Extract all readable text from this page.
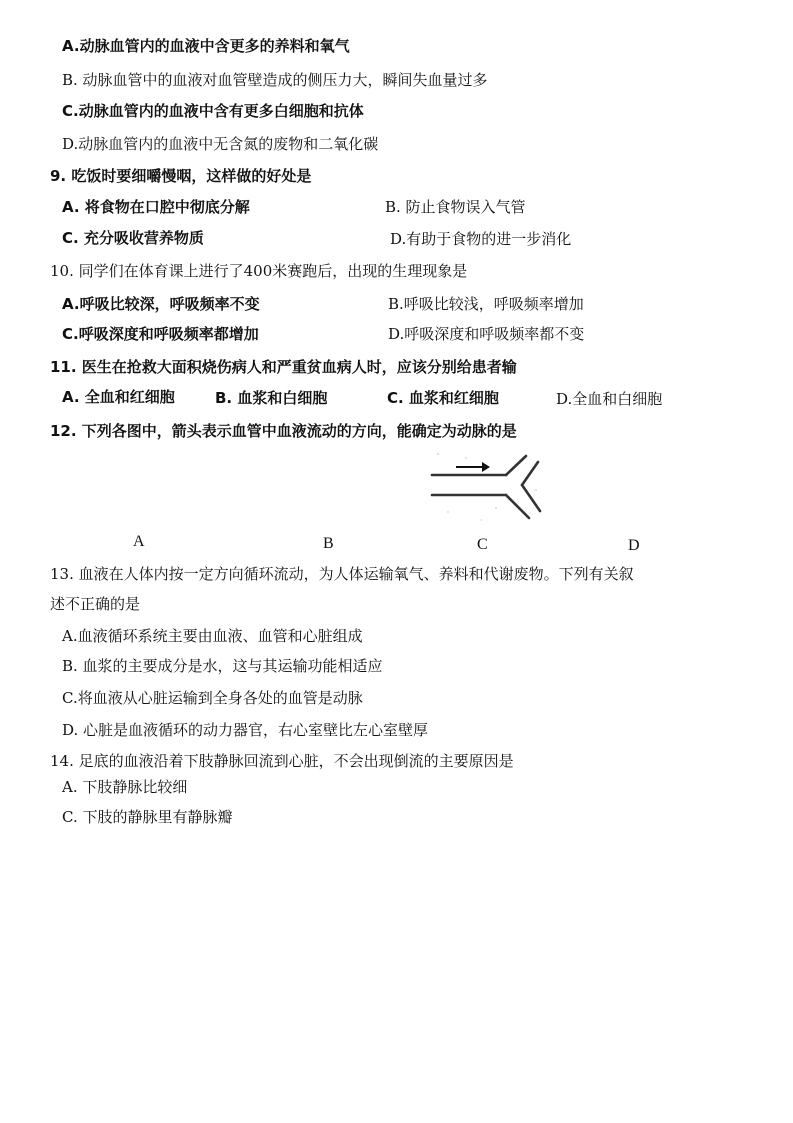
A.动脉血管内的血液中含更多的养料和氧气
B. 动脉血管中的血液对血管壁造成的侧压力大，瞬间失血量过多
C.动脉血管内的血液中含有更多白细胞和抗体
D.动脉血管内的血液中无含氮的废物和二氧化碳
9. 吃饭时要细嚼慢咽，这样做的好处是
A. 将食物在口腔中彻底分解	B. 防止食物误入气管
C. 充分吸收营养物质	D.有助于食物的进一步消化
10. 同学们在体育课上进行了400米赛跑后，出现的生理现象是
A.呼吸比较深，呼吸频率不变	B.呼吸比较浅，呼吸频率增加
C.呼吸深度和呼吸频率都增加	D.呼吸深度和呼吸频率都不变
11. 医生在抢救大面积烧伤病人和严重贫血病人时，应该分别给患者输
A. 全血和红细胞	B. 血浆和白细胞	C. 血浆和红细胞	D.全血和白细胞
12. 下列各图中，箭头表示血管中血液流动的方向，能确定为动脉的是
A	B	C	D
13. 血液在人体内按一定方向循环流动，为人体运输氧气、养料和代谢废物。下列有关叙
述不正确的是
A.血液循环系统主要由血液、血管和心脏组成
B. 血浆的主要成分是水，这与其运输功能相适应
C.将血液从心脏运输到全身各处的血管是动脉
D. 心脏是血液循环的动力器官，右心室壁比左心室壁厚
14. 足底的血液沿着下肢静脉回流到心脏，不会出现倒流的主要原因是
A. 下肢静脉比较细
C. 下肢的静脉里有静脉瓣
